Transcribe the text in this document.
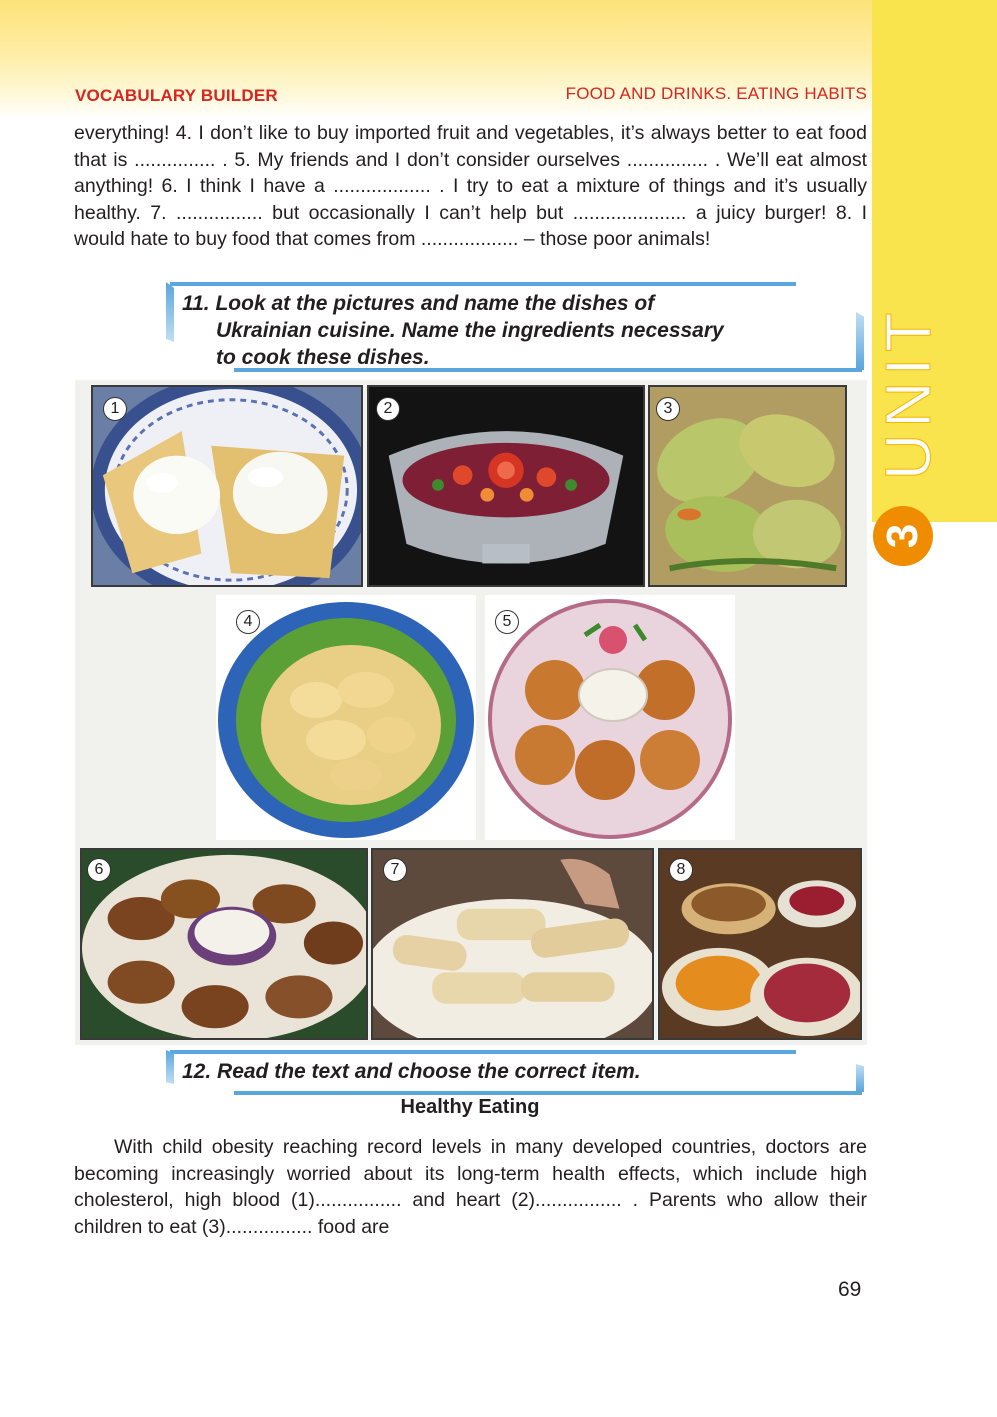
UNIT
3
VOCABULARY BUILDER	FOOD AND DRINKS. EATING HABITS

everything! 4. I don’t like to buy imported fruit and vegetables, it’s always better to eat food that is ............... . 5. My friends and I don’t consider ourselves ............... . We’ll eat almost anything! 6. I think I have a .................. . I try to eat a mixture of things and it’s usually healthy. 7. ................ but occasionally I can’t help but ..................... a juicy burger! 8. I would hate to buy food that comes from .................. – those poor animals!

11. Look at the pictures and name the dishes of
Ukrainian cuisine. Name the ingredients necessary
to cook these dishes.
1	2	3
4	5
6	7	8
12. Read the text and choose the correct item.
Healthy Eating

With child obesity reaching record levels in many developed countries, doctors are becoming increasingly worried about its long-term health effects, which include high cholesterol, high blood (1)................ and heart (2)................ . Parents who allow their children to eat (3)................ food are

69
